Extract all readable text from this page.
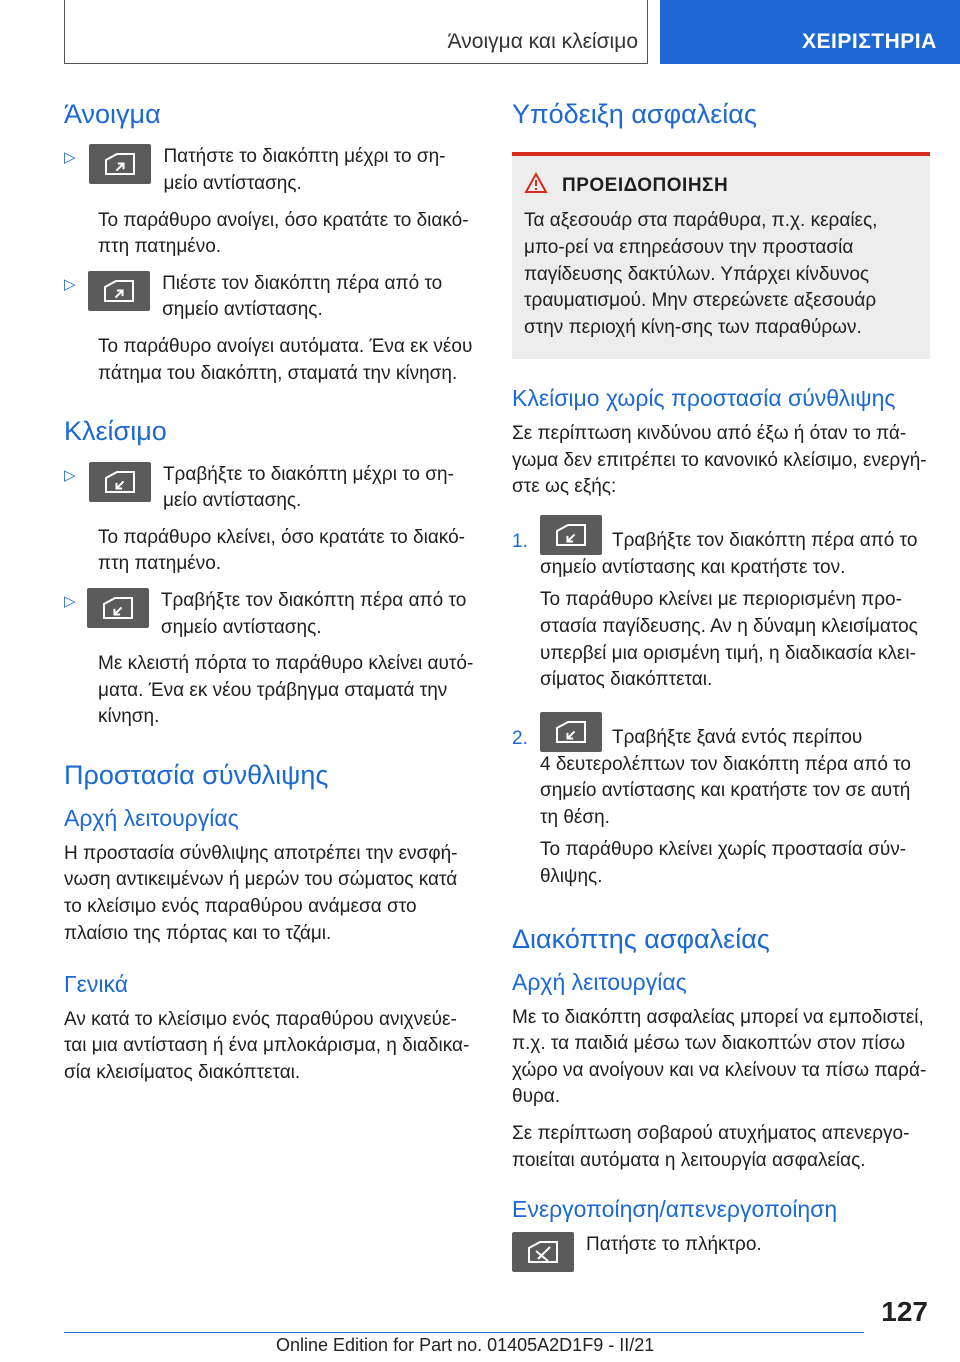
Άνοιγμα και κλείσιμο	ΧΕΙΡΙΣΤΗΡΙΑ
Άνοιγμα
▷	Πατήστε το διακόπτη μέχρι το ση-μείο αντίστασης.

Το παράθυρο ανοίγει, όσο κρατάτε το διακό-πτη πατημένο.

▷	Πιέστε τον διακόπτη πέρα από το σημείο αντίστασης.

Το παράθυρο ανοίγει αυτόματα. Ένα εκ νέου πάτημα του διακόπτη, σταματά την κίνηση.

Κλείσιμο
▷	Τραβήξτε το διακόπτη μέχρι το ση-μείο αντίστασης.

Το παράθυρο κλείνει, όσο κρατάτε το διακό-πτη πατημένο.

▷	Τραβήξτε τον διακόπτη πέρα από το σημείο αντίστασης.

Με κλειστή πόρτα το παράθυρο κλείνει αυτό-ματα. Ένα εκ νέου τράβηγμα σταματά την κίνηση.

Προστασία σύνθλιψης
Αρχή λειτουργίας

Η προστασία σύνθλιψης αποτρέπει την ενσφή-νωση αντικειμένων ή μερών του σώματος κατά το κλείσιμο ενός παραθύρου ανάμεσα στο πλαίσιο της πόρτας και το τζάμι.

Γενικά

Αν κατά το κλείσιμο ενός παραθύρου ανιχνεύε-ται μια αντίσταση ή ένα μπλοκάρισμα, η διαδικα-σία κλεισίματος διακόπτεται.

Υπόδειξη ασφαλείας
ΠΡΟΕΙΔΟΠΟΙΗΣΗ

Τα αξεσουάρ στα παράθυρα, π.χ. κεραίες, μπο-ρεί να επηρεάσουν την προστασία παγίδευσης δακτύλων. Υπάρχει κίνδυνος τραυματισμού. Μην στερεώνετε αξεσουάρ στην περιοχή κίνη-σης των παραθύρων.

Κλείσιμο χωρίς προστασία σύνθλιψης

Σε περίπτωση κινδύνου από έξω ή όταν το πά-γωμα δεν επιτρέπει το κανονικό κλείσιμο, ενεργή-στε ως εξής:

1.	Τραβήξτε τον διακόπτη πέρα από το

σημείο αντίστασης και κρατήστε τον.

Το παράθυρο κλείνει με περιορισμένη προ-στασία παγίδευσης. Αν η δύναμη κλεισίματος υπερβεί μια ορισμένη τιμή, η διαδικασία κλει-σίματος διακόπτεται.

2.	Τραβήξτε ξανά εντός περίπου

4 δευτερολέπτων τον διακόπτη πέρα από το σημείο αντίστασης και κρατήστε τον σε αυτή τη θέση.

Το παράθυρο κλείνει χωρίς προστασία σύν-θλιψης.

Διακόπτης ασφαλείας
Αρχή λειτουργίας

Με το διακόπτη ασφαλείας μπορεί να εμποδιστεί, π.χ. τα παιδιά μέσω των διακοπτών στον πίσω χώρο να ανοίγουν και να κλείνουν τα πίσω παρά-θυρα.

Σε περίπτωση σοβαρού ατυχήματος απενεργο-ποιείται αυτόματα η λειτουργία ασφαλείας.

Ενεργοποίηση/απενεργοποίηση

Πατήστε το πλήκτρο.

127
Online Edition for Part no. 01405A2D1F9 - II/21
